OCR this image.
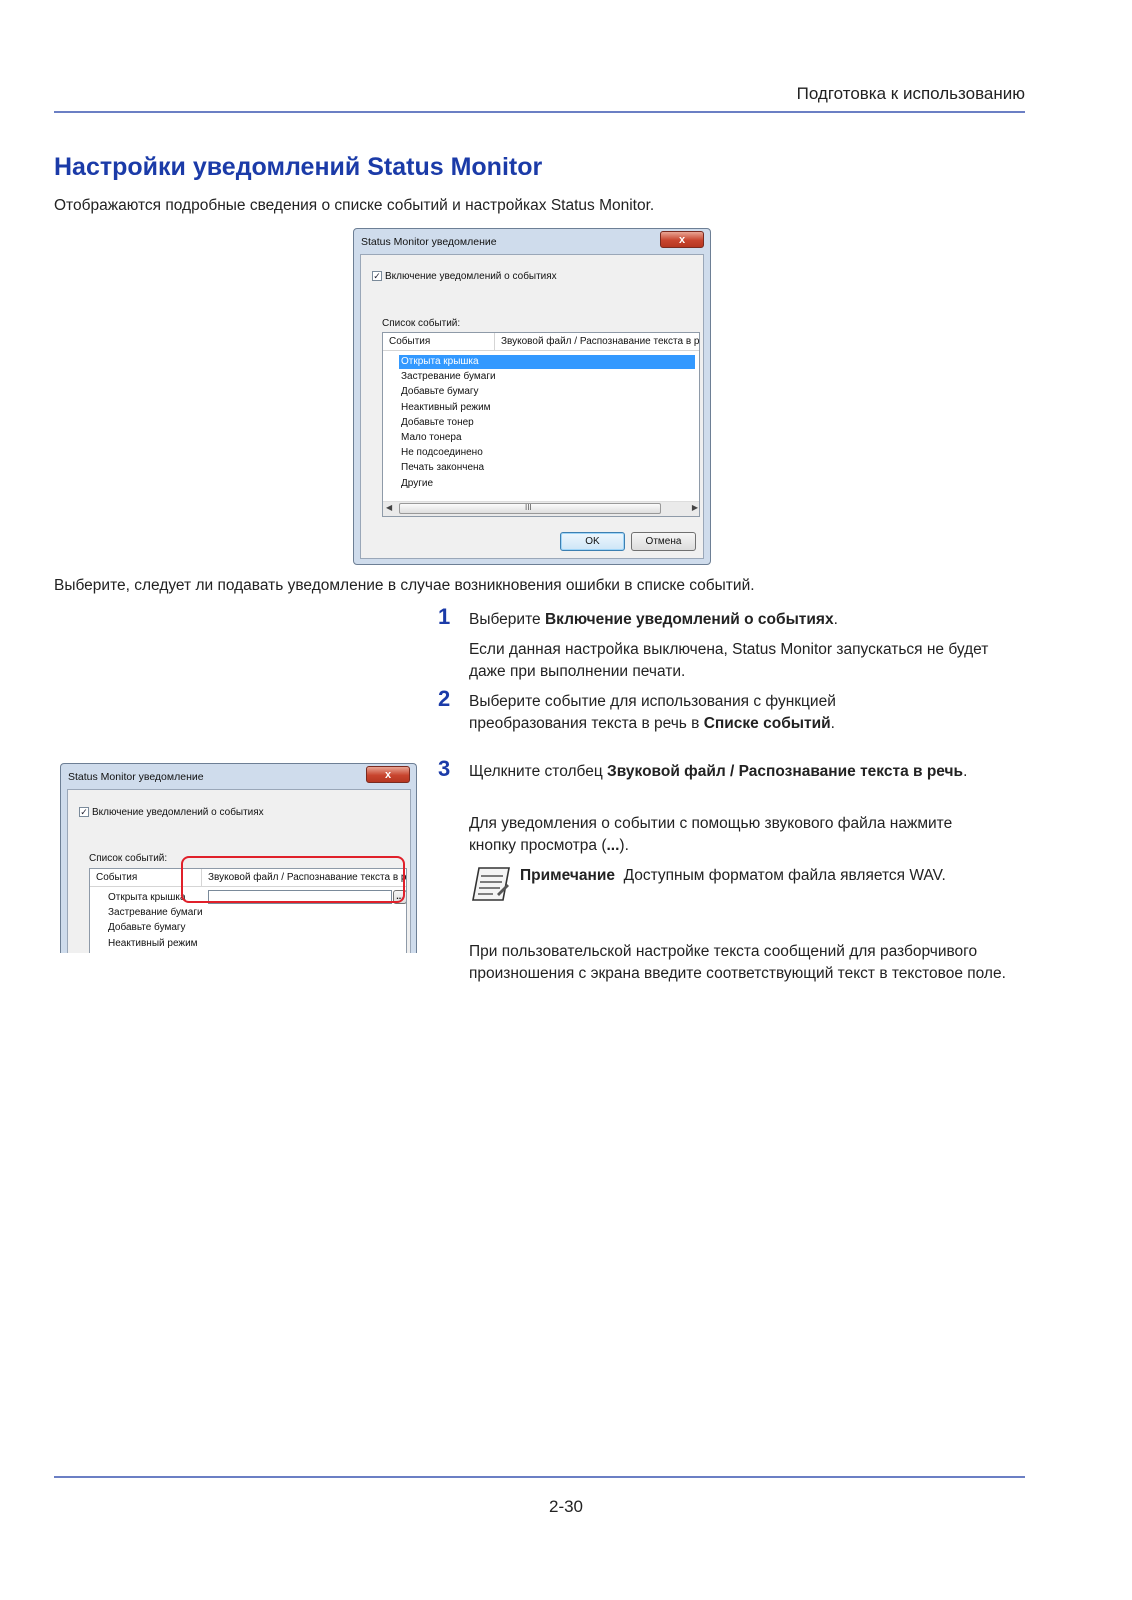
Подготовка к использованию
Настройки уведомлений Status Monitor
Отображаются подробные сведения о списке событий и настройках Status Monitor.
Status Monitor уведомление	x
✓ Включение уведомлений о событиях
Список событий:
События	Звуковой файл / Распознавание текста в р
Открыта крышка
Застревание бумаги
Добавьте бумагу
Неактивный режим
Добавьте тонер
Мало тонера
Не подсоединено
Печать закончена
Другие
◀	III	▶
OK	Отмена
Выберите, следует ли подавать уведомление в случае возникновения ошибки в списке событий.
1 Выберите Включение уведомлений о событиях.
Если данная настройка выключена, Status Monitor запускаться не будет даже при выполнении печати.
2 Выберите событие для использования с функцией преобразования текста в речь в Списке событий.
3 Щелкните столбец Звуковой файл / Распознавание текста в речь.
Для уведомления о событии с помощью звукового файла нажмите кнопку просмотра (...).
Примечание Доступным форматом файла является WAV.
При пользовательской настройке текста сообщений для разборчивого произношения с экрана введите соответствующий текст в текстовое поле.
Status Monitor уведомление	x
✓ Включение уведомлений о событиях
Список событий:
События	Звуковой файл / Распознавание текста в р
...
Открыта крышка
Застревание бумаги
Добавьте бумагу
Неактивный режим
2-30
